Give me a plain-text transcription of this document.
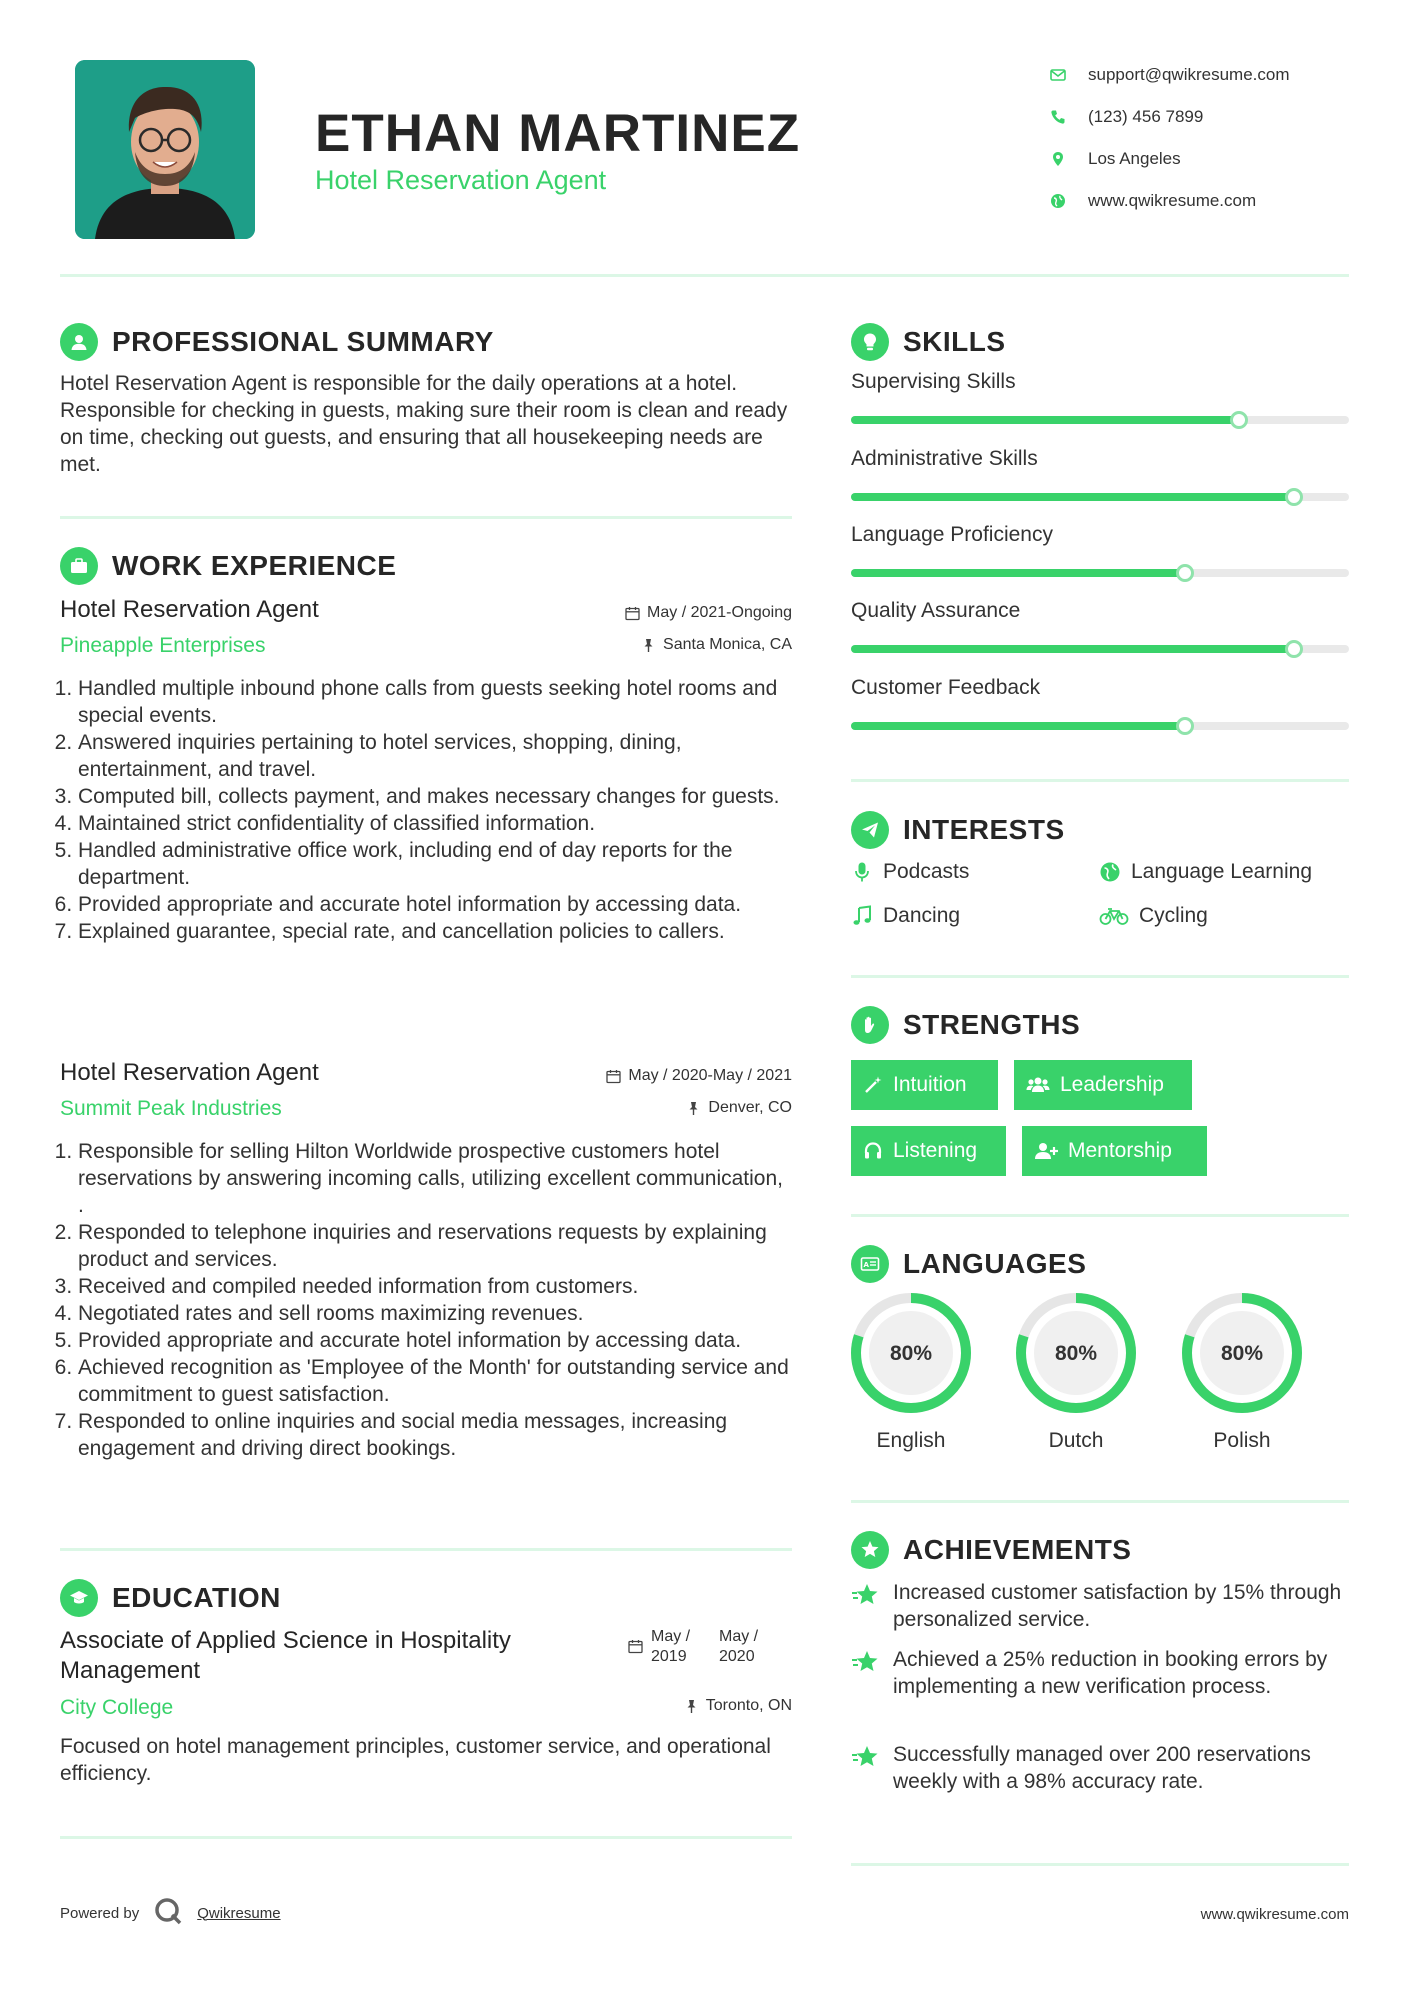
ETHAN MARTINEZ
Hotel Reservation Agent
support@qwikresume.com
(123) 456 7899
Los Angeles
www.qwikresume.com
PROFESSIONAL SUMMARY
Hotel Reservation Agent is responsible for the daily operations at a hotel. Responsible for checking in guests, making sure their room is clean and ready on time, checking out guests, and ensuring that all housekeeping needs are met.
WORK EXPERIENCE
Hotel Reservation Agent	May / 2021-Ongoing
Pineapple Enterprises	Santa Monica, CA
1. Handled multiple inbound phone calls from guests seeking hotel rooms and special events.
2. Answered inquiries pertaining to hotel services, shopping, dining, entertainment, and travel.
3. Computed bill, collects payment, and makes necessary changes for guests.
4. Maintained strict confidentiality of classified information.
5. Handled administrative office work, including end of day reports for the department.
6. Provided appropriate and accurate hotel information by accessing data.
7. Explained guarantee, special rate, and cancellation policies to callers.
Hotel Reservation Agent	May / 2020-May / 2021
Summit Peak Industries	Denver, CO
1. Responsible for selling Hilton Worldwide prospective customers hotel reservations by answering incoming calls, utilizing excellent communication, .
2. Responded to telephone inquiries and reservations requests by explaining product and services.
3. Received and compiled needed information from customers.
4. Negotiated rates and sell rooms maximizing revenues.
5. Provided appropriate and accurate hotel information by accessing data.
6. Achieved recognition as 'Employee of the Month' for outstanding service and commitment to guest satisfaction.
7. Responded to online inquiries and social media messages, increasing engagement and driving direct bookings.
EDUCATION
Associate of Applied Science in Hospitality Management
May / 2019
May / 2020
City College	Toronto, ON
Focused on hotel management principles, customer service, and operational efficiency.
SKILLS
Supervising Skills
Administrative Skills
Language Proficiency
Quality Assurance
Customer Feedback
INTERESTS
Podcasts	Language Learning
Dancing	Cycling
STRENGTHS
Intuition	Leadership
Listening	Mentorship
A LANGUAGES
80%
English
80%
Dutch
80%
Polish
ACHIEVEMENTS
Increased customer satisfaction by 15% through personalized service.
Achieved a 25% reduction in booking errors by implementing a new verification process.
Successfully managed over 200 reservations weekly with a 98% accuracy rate.
Powered by	Qwikresume	www.qwikresume.com
